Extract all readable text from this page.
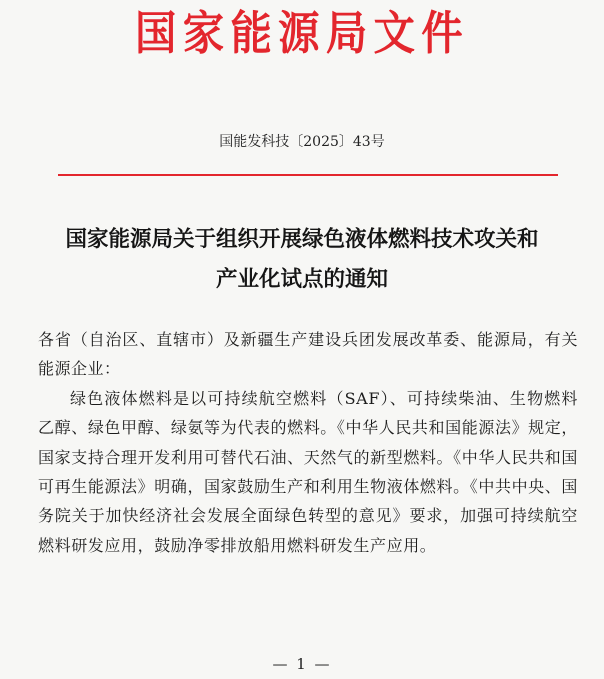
国家能源局文件
国能发科技〔2025〕43号
国家能源局关于组织开展绿色液体燃料技术攻关和
产业化试点的通知

各省（自治区、直辖市）及新疆生产建设兵团发展改革委、能源局，有关能源企业：

绿色液体燃料是以可持续航空燃料（SAF）、可持续柴油、生物燃料乙醇、绿色甲醇、绿氨等为代表的燃料。《中华人民共和国能源法》规定，国家支持合理开发利用可替代石油、天然气的新型燃料。《中华人民共和国可再生能源法》明确，国家鼓励生产和利用生物液体燃料。《中共中央、国务院关于加快经济社会发展全面绿色转型的意见》要求，加强可持续航空燃料研发应用，鼓励净零排放船用燃料研发生产应用。

— 1 —
